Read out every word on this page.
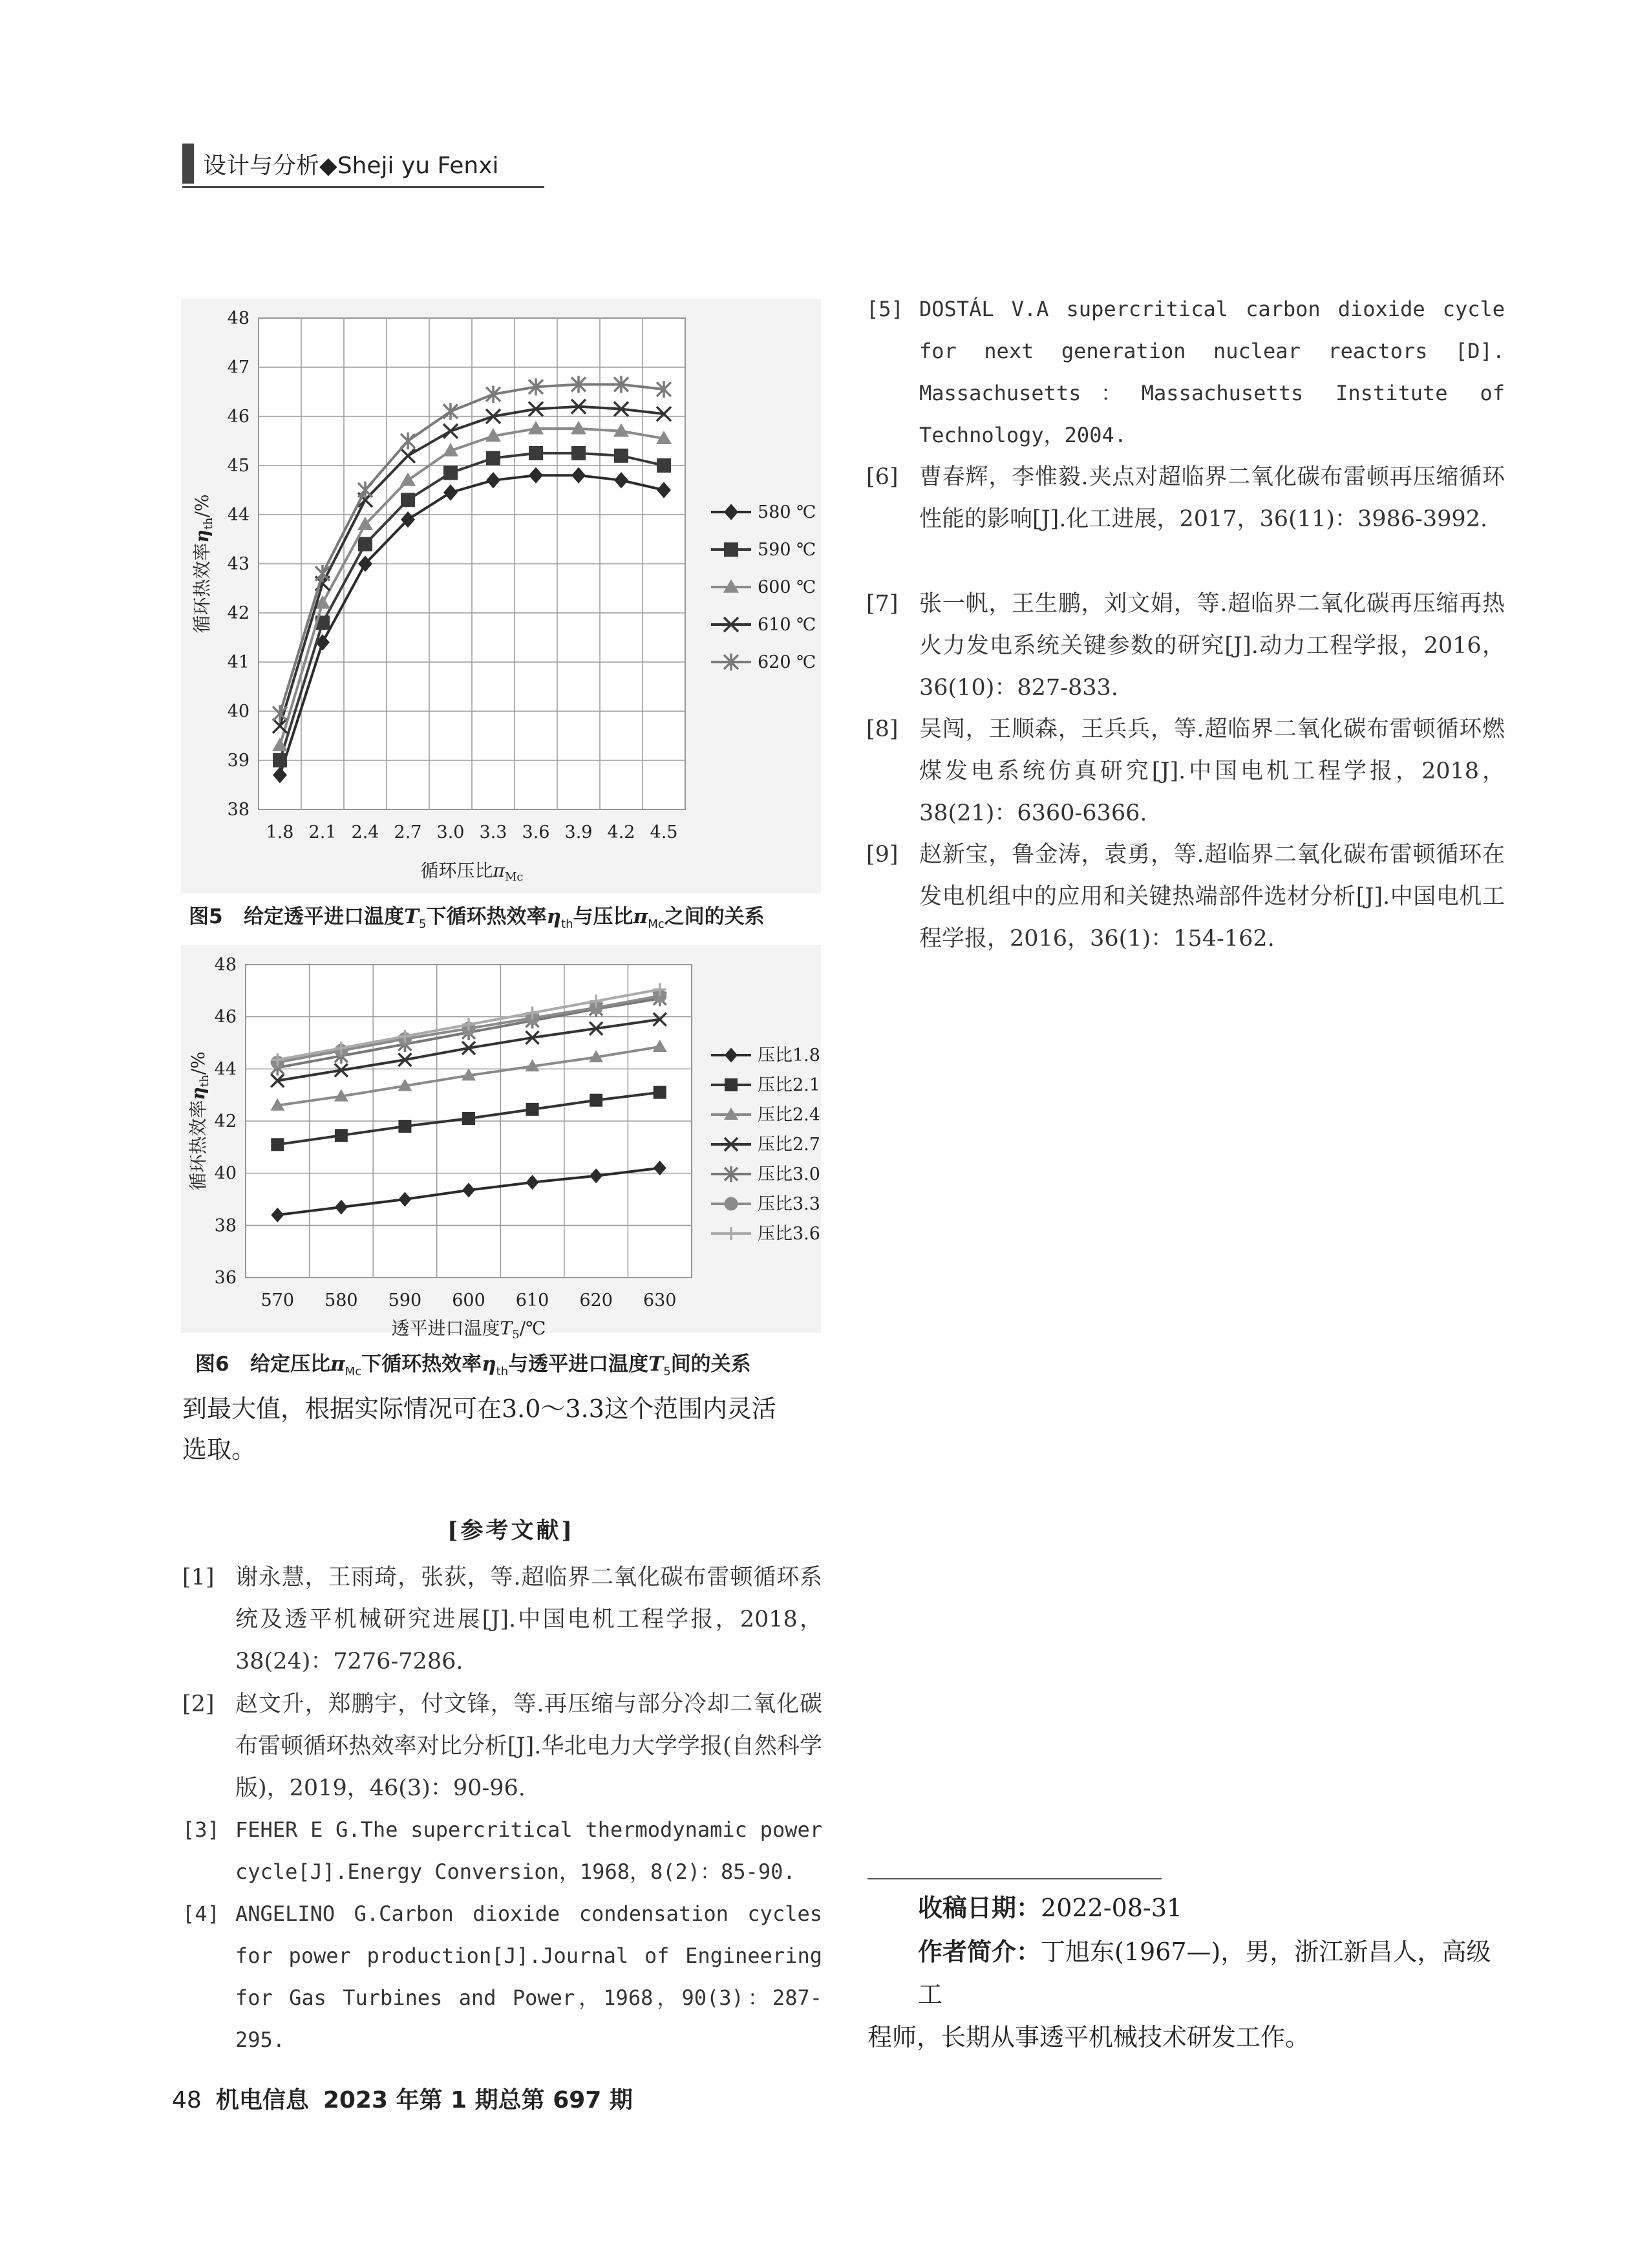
设计与分析◆Sheji yu Fenxi
38
39
40
41
42
43
44
45
46
47
48
1.8 2.1 2.4 2.7 3.0 3.3 3.6 3.9 4.2 4.5
580 ℃
590 ℃
600 ℃
610 ℃
620 ℃
循环热效率$\eta_{th}/\%$
循环压比$\pi_{Mc}$
图5 给定透平进口温度$T_5$下循环热效率$\eta_{th}$与压比$\pi_{Mc}$之间的关系
36
38
40
42
44
46
48
570 580 590 600 610 620 630
压比1.8
压比2.1
压比2.4
压比2.7
压比3.0
压比3.3
压比3.6
循环热效率$\eta_{th}/\%$
透平进口温度$T_5/℃$
图6 给定压比$\pi_{Mc}$下循环热效率$\eta_{th}$与透平进口温度$T_5$间的关系
到最大值，根据实际情况可在3.0～3.3这个范围内灵活
选取。
[参考文献]
[1] 谢永慧，王雨琦，张荻，等.超临界二氧化碳布雷顿循环系统及透平机械研究进展[J].中国电机工程学报，2018，38(24)：7276-7286.
[2] 赵文升，郑鹏宇，付文锋，等.再压缩与部分冷却二氧化碳布雷顿循环热效率对比分析[J].华北电力大学学报(自然科学版)，2019，46(3)：90-96.
[3] FEHER E G.The supercritical thermodynamic power cycle[J].Energy Conversion，1968，8(2)：85-90.
[4] ANGELINO G.Carbon dioxide condensation cycles for power production[J].Journal of Engineering for Gas Turbines and Power，1968，90(3)：287-295.
[5] DOSTÁL V.A supercritical carbon dioxide cycle for next generation nuclear reactors [D]. Massachusetts：Massachusetts Institute of Technology，2004.
[6] 曹春辉，李惟毅.夹点对超临界二氧化碳布雷顿再压缩循环性能的影响[J].化工进展，2017，36(11)：3986-3992.
[7] 张一帆，王生鹏，刘文娟，等.超临界二氧化碳再压缩再热火力发电系统关键参数的研究[J].动力工程学报，2016，36(10)：827-833.
[8] 吴闯，王顺森，王兵兵，等.超临界二氧化碳布雷顿循环燃煤发电系统仿真研究[J].中国电机工程学报，2018，38(21)：6360-6366.
[9] 赵新宝，鲁金涛，袁勇，等.超临界二氧化碳布雷顿循环在发电机组中的应用和关键热端部件选材分析[J].中国电机工程学报，2016，36(1)：154-162.
收稿日期：2022-08-31
作者简介：丁旭东(1967—)，男，浙江新昌人，高级工
程师，长期从事透平机械技术研发工作。
48 机电信息 2023 年第 1 期总第 697 期
